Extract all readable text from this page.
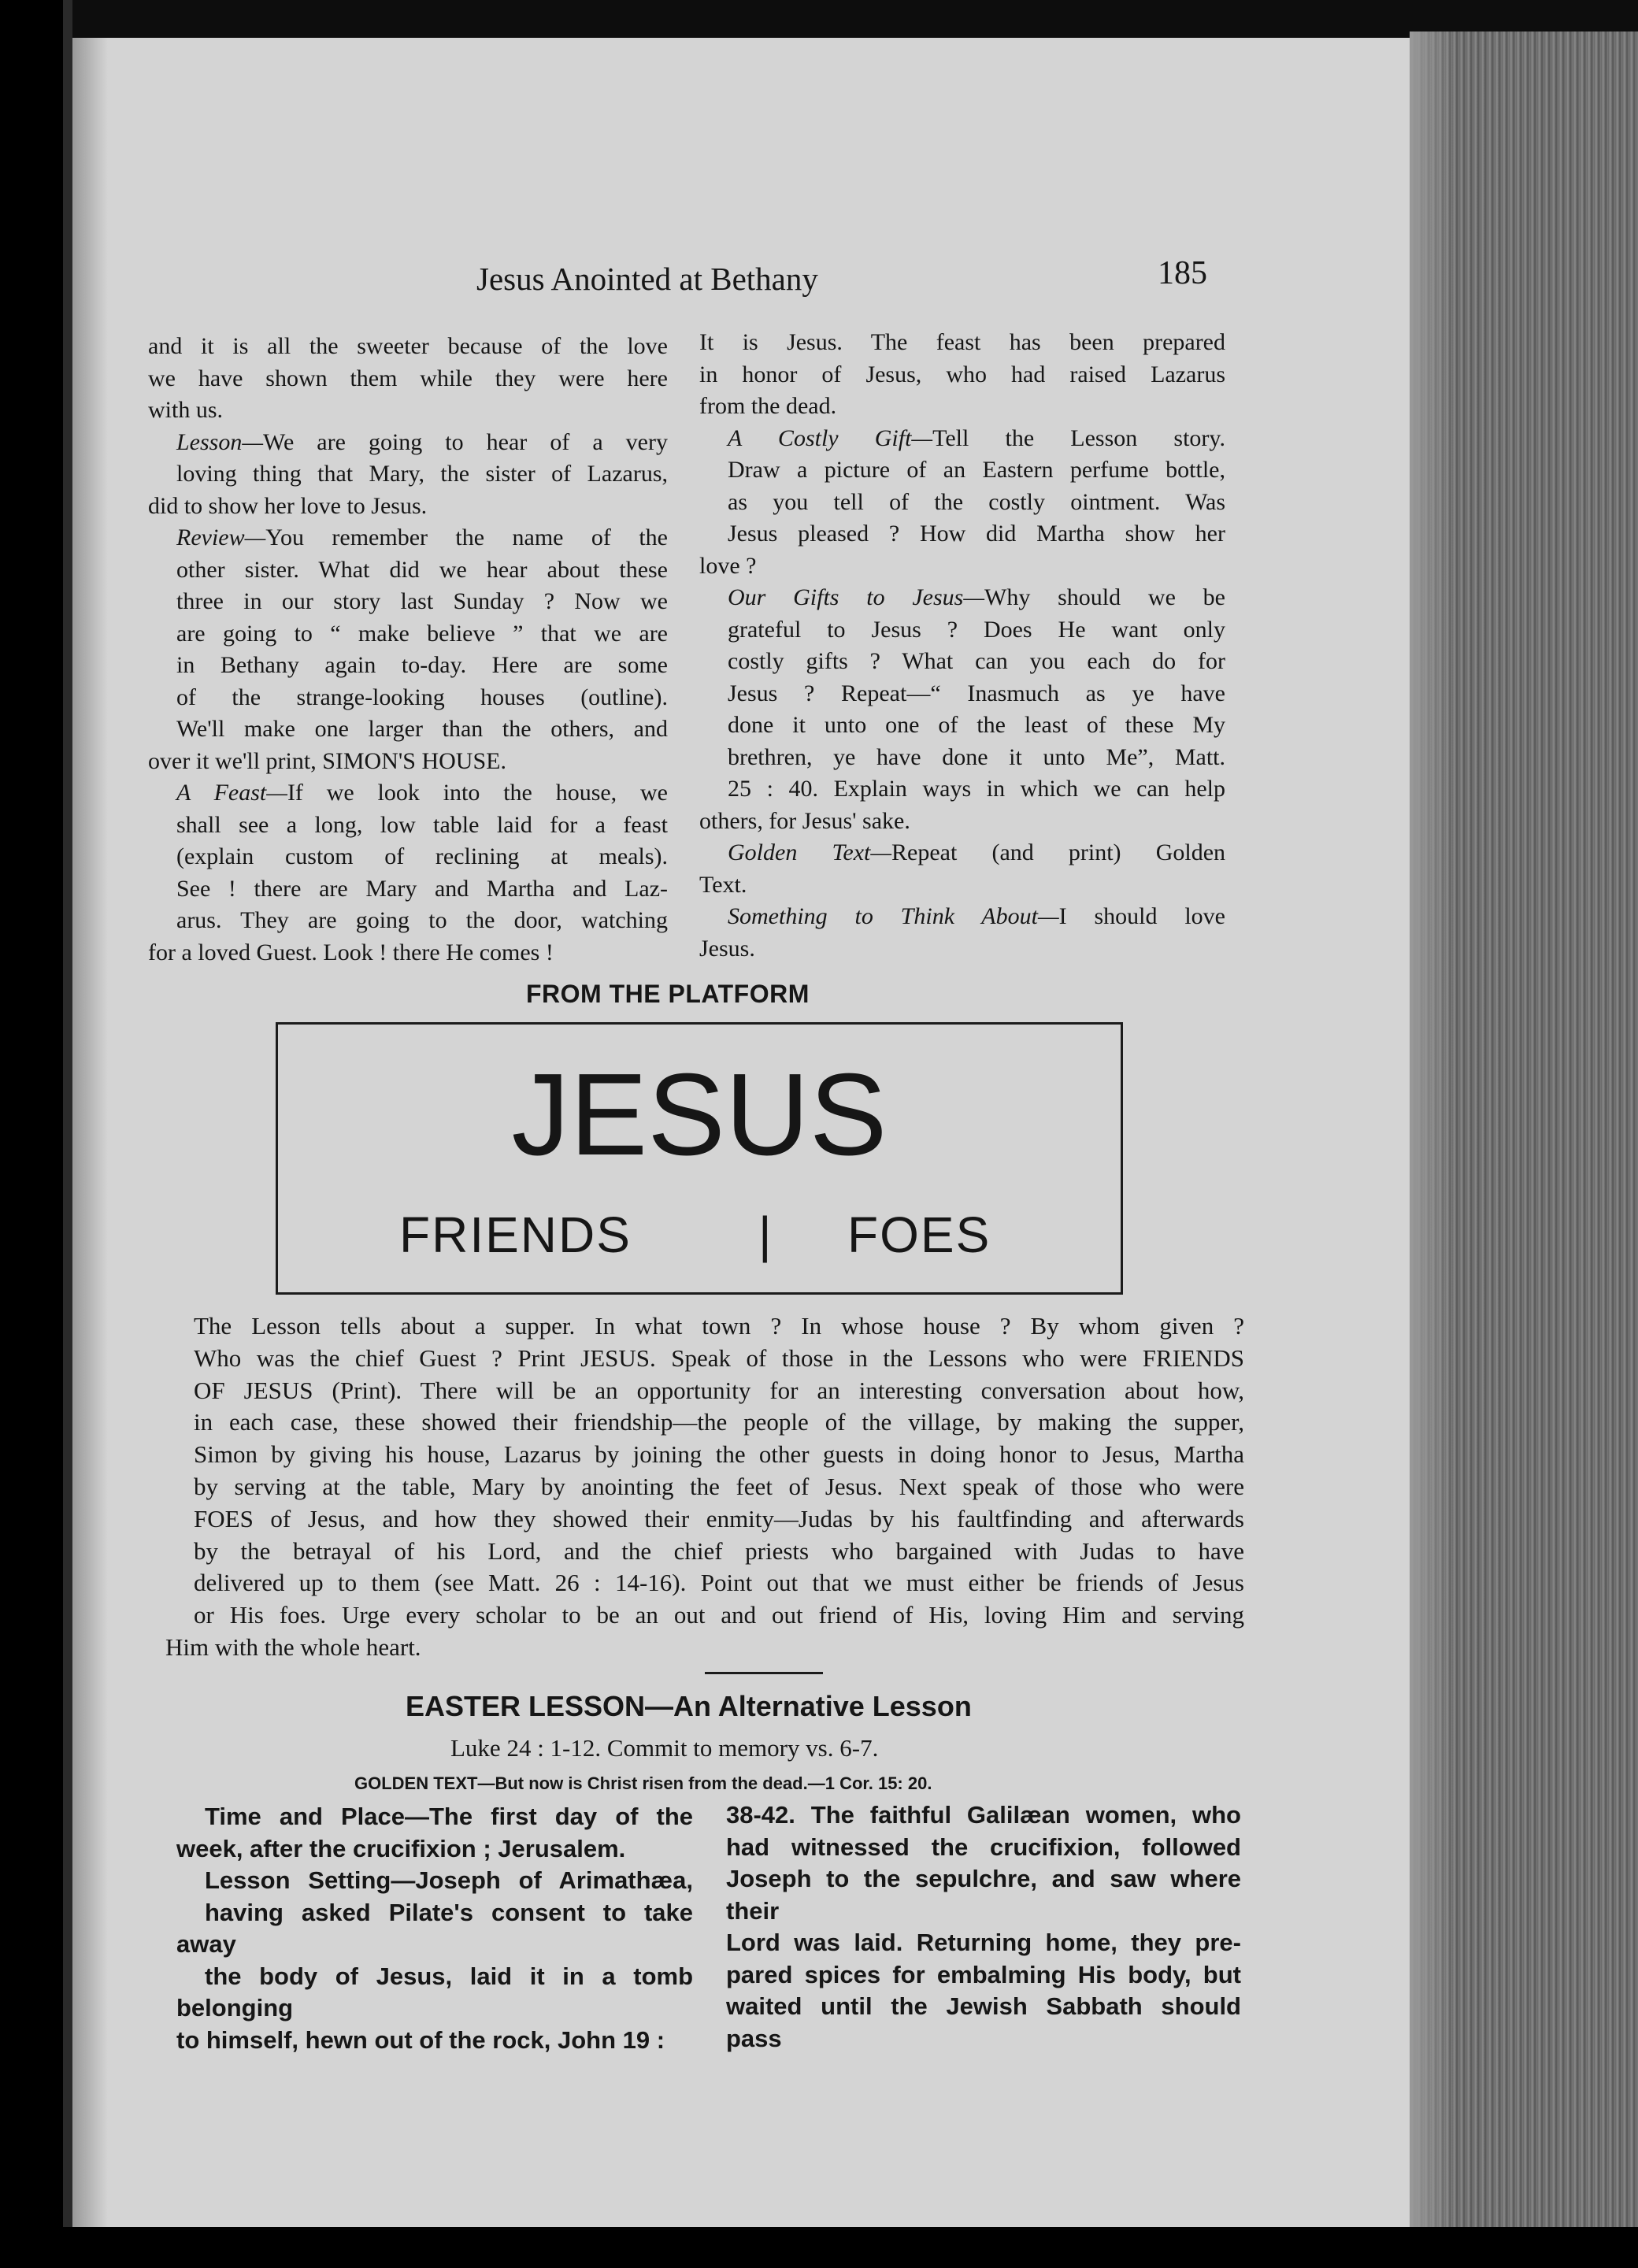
Jesus Anointed at Bethany	185

and it is all the sweeter because of the love
we have shown them while they were here
with us.

Lesson—We are going to hear of a very
loving thing that Mary, the sister of Lazarus,
did to show her love to Jesus.

Review—You remember the name of the
other sister. What did we hear about these
three in our story last Sunday ? Now we
are going to “ make believe ” that we are
in Bethany again to-day. Here are some
of the strange-looking houses (outline).
We'll make one larger than the others, and
over it we'll print, SIMON'S HOUSE.

A Feast—If we look into the house, we
shall see a long, low table laid for a feast
(explain custom of reclining at meals).
See ! there are Mary and Martha and Laz-
arus. They are going to the door, watching
for a loved Guest. Look ! there He comes !

It is Jesus. The feast has been prepared
in honor of Jesus, who had raised Lazarus
from the dead.

A Costly Gift—Tell the Lesson story.
Draw a picture of an Eastern perfume bottle,
as you tell of the costly ointment. Was
Jesus pleased ? How did Martha show her
love ?

Our Gifts to Jesus—Why should we be
grateful to Jesus ? Does He want only
costly gifts ? What can you each do for
Jesus ? Repeat—“ Inasmuch as ye have
done it unto one of the least of these My
brethren, ye have done it unto Me”, Matt.
25 : 40. Explain ways in which we can help
others, for Jesus' sake.

Golden Text—Repeat (and print) Golden
Text.

Something to Think About—I should love
Jesus.

FROM THE PLATFORM
JESUS
FRIENDS	| FOES

The Lesson tells about a supper. In what town ? In whose house ? By whom given ?
Who was the chief Guest ? Print JESUS. Speak of those in the Lessons who were FRIENDS
OF JESUS (Print). There will be an opportunity for an interesting conversation about how,
in each case, these showed their friendship—the people of the village, by making the supper,
Simon by giving his house, Lazarus by joining the other guests in doing honor to Jesus, Martha
by serving at the table, Mary by anointing the feet of Jesus. Next speak of those who were
FOES of Jesus, and how they showed their enmity—Judas by his faultfinding and afterwards
by the betrayal of his Lord, and the chief priests who bargained with Judas to have
delivered up to them (see Matt. 26 : 14-16). Point out that we must either be friends of Jesus
or His foes. Urge every scholar to be an out and out friend of His, loving Him and serving
Him with the whole heart.

EASTER LESSON—An Alternative Lesson
Luke 24 : 1-12. Commit to memory vs. 6-7.
GOLDEN TEXT—But now is Christ risen from the dead.—1 Cor. 15: 20.

Time and Place—The first day of the
week, after the crucifixion ; Jerusalem.

Lesson Setting—Joseph of Arimathæa,
having asked Pilate's consent to take away
the body of Jesus, laid it in a tomb belonging
to himself, hewn out of the rock, John 19 :

38-42. The faithful Galilæan women, who
had witnessed the crucifixion, followed
Joseph to the sepulchre, and saw where their
Lord was laid. Returning home, they pre-
pared spices for embalming His body, but
waited until the Jewish Sabbath should pass
